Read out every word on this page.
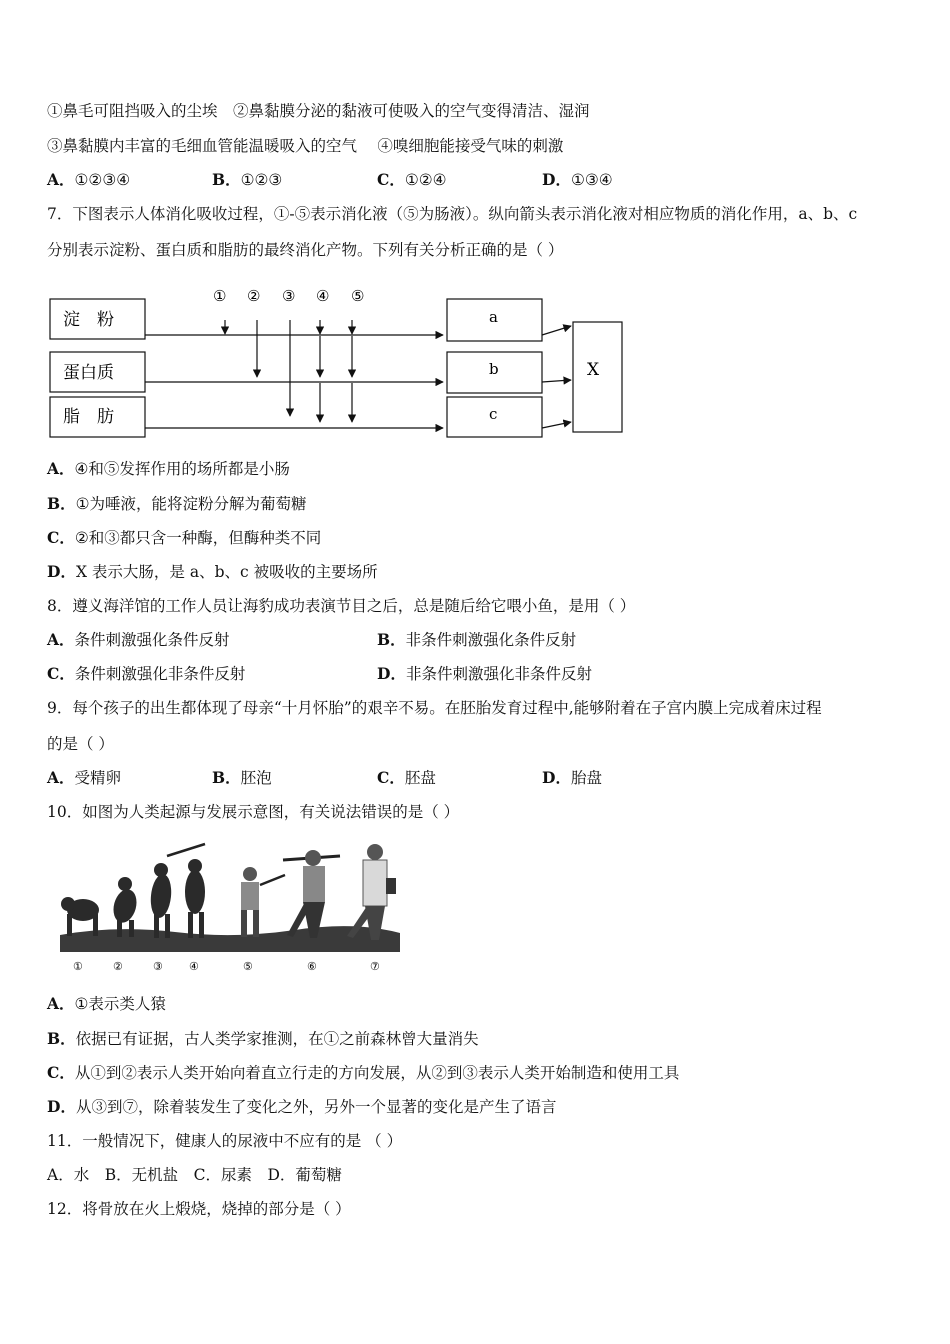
①鼻毛可阻挡吸入的尘埃　②鼻黏膜分泌的黏液可使吸入的空气变得清洁、湿润
③鼻黏膜内丰富的毛细血管能温暖吸入的空气　 ④嗅细胞能接受气味的刺激
A．①②③④	B．①②③	C．①②④	D．①③④
7．下图表示人体消化吸收过程，①-⑤表示消化液（⑤为肠液）。纵向箭头表示消化液对相应物质的消化作用，a、b、c
分别表示淀粉、蛋白质和脂肪的最终消化产物。下列有关分析正确的是（ ）
淀　粉
蛋白质
脂　肪
① ② ③ ④ ⑤
a
b
c
X
A．④和⑤发挥作用的场所都是小肠
B．①为唾液，能将淀粉分解为葡萄糖
C．②和③都只含一种酶，但酶种类不同
D．X 表示大肠，是 a、b、c 被吸收的主要场所
8．遵义海洋馆的工作人员让海豹成功表演节目之后，总是随后给它喂小鱼，是用（ ）
A．条件刺激强化条件反射	B．非条件刺激强化条件反射
C．条件刺激强化非条件反射	D．非条件刺激强化非条件反射
9．每个孩子的出生都体现了母亲“十月怀胎”的艰辛不易。在胚胎发育过程中,能够附着在子宫内膜上完成着床过程
的是（ ）
A．受精卵	B．胚泡	C．胚盘	D．胎盘
10．如图为人类起源与发展示意图，有关说法错误的是（ ）
①	②	③ ④	⑤	⑥	⑦
A．①表示类人猿
B．依据已有证据，古人类学家推测，在①之前森林曾大量消失
C．从①到②表示人类开始向着直立行走的方向发展，从②到③表示人类开始制造和使用工具
D．从③到⑦，除着装发生了变化之外，另外一个显著的变化是产生了语言
11．一般情况下，健康人的尿液中不应有的是 （ ）
A．水　B．无机盐　C．尿素　D．葡萄糖
12．将骨放在火上煅烧，烧掉的部分是（ ）
